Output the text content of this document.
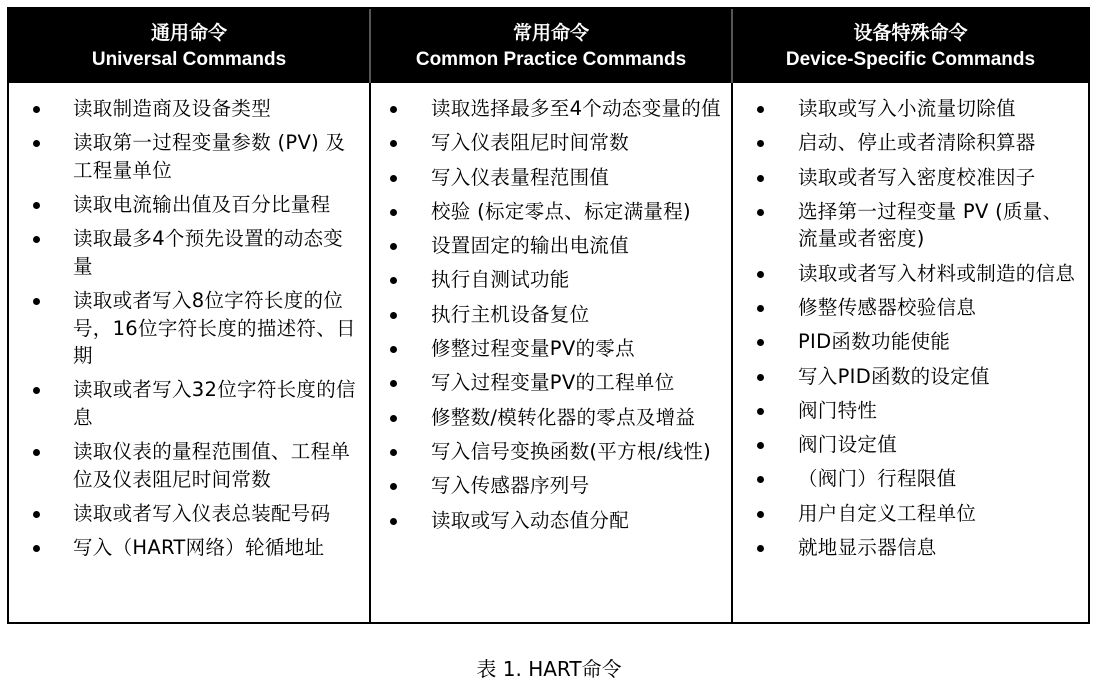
通用命令
Universal Commands
常用命令
Common Practice Commands
设备特殊命令
Device-Specific Commands
读取制造商及设备类型
读取第一过程变量参数 (PV) 及工程量单位
读取电流输出值及百分比量程
读取最多4个预先设置的动态变量
读取或者写入8位字符长度的位号，16位字符长度的描述符、日期
读取或者写入32位字符长度的信息
读取仪表的量程范围值、工程单位及仪表阻尼时间常数
读取或者写入仪表总装配号码
写入（HART网络）轮循地址
读取选择最多至4个动态变量的值
写入仪表阻尼时间常数
写入仪表量程范围值
校验 (标定零点、标定满量程)
设置固定的输出电流值
执行自测试功能
执行主机设备复位
修整过程变量PV的零点
写入过程变量PV的工程单位
修整数/模转化器的零点及增益
写入信号变换函数(平方根/线性)
写入传感器序列号
读取或写入动态值分配
读取或写入小流量切除值
启动、停止或者清除积算器
读取或者写入密度校准因子
选择第一过程变量 PV (质量、流量或者密度)
读取或者写入材料或制造的信息
修整传感器校验信息
PID函数功能使能
写入PID函数的设定值
阀门特性
阀门设定值
（阀门）行程限值
用户自定义工程单位
就地显示器信息
表 1. HART命令
